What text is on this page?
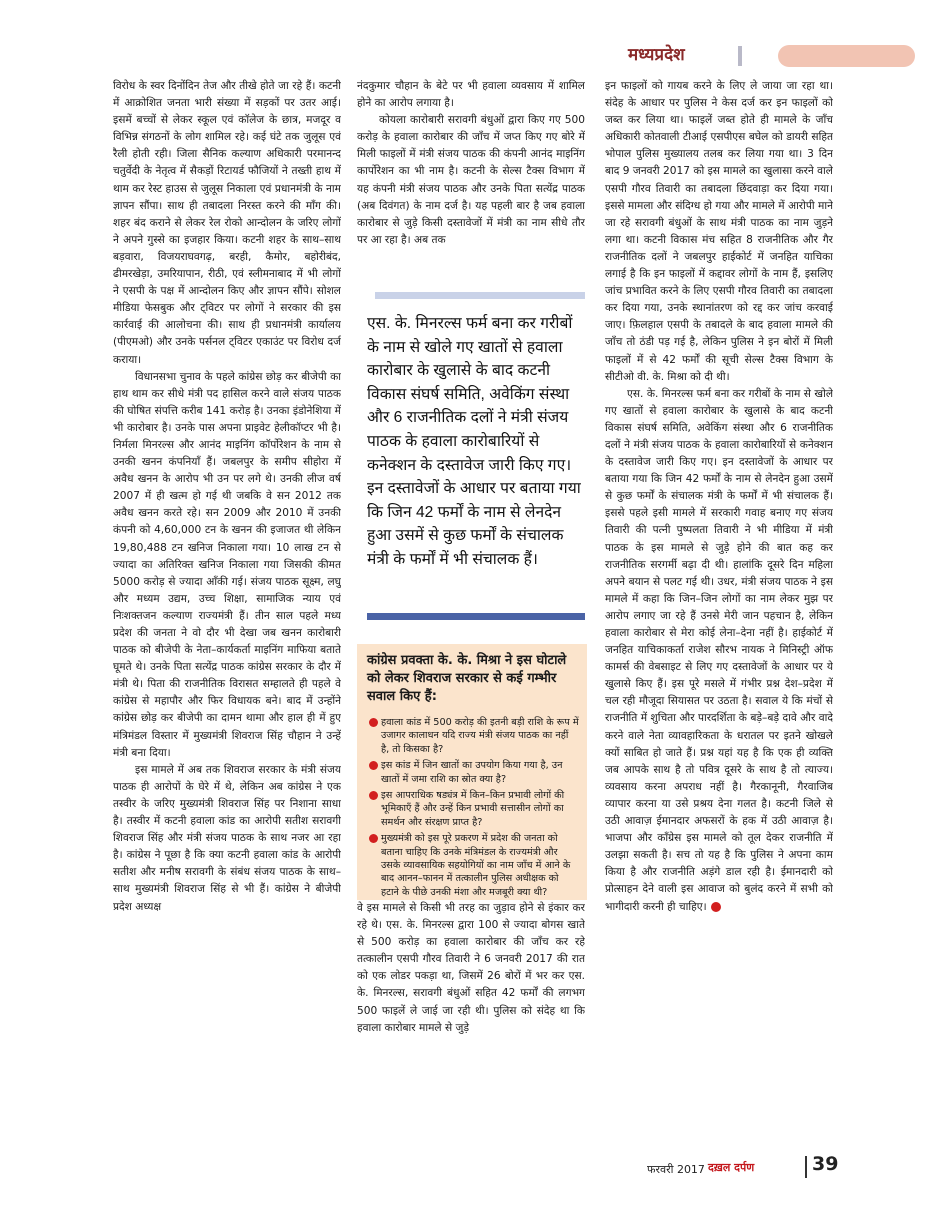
मध्यप्रदेश

विरोध के स्वर दिनोंदिन तेज और तीखे होते जा रहे हैं। कटनी में आक्रोशित जनता भारी संख्या में सड़कों पर उतर आई। इसमें बच्चों से लेकर स्कूल एवं कॉलेज के छात्र, मजदूर व विभिन्न संगठनों के लोग शामिल रहे। कई घंटे तक जुलूस एवं रैली होती रही। जिला सैनिक कल्याण अधिकारी परमानन्द चतुर्वेदी के नेतृत्व में सैकड़ों रिटायर्ड फौजियों ने तख्ती हाथ में थाम कर रेस्ट हाउस से जुलूस निकाला एवं प्रधानमंत्री के नाम ज्ञापन सौंपा। साथ ही तबादला निरस्त करने की माँग की। शहर बंद कराने से लेकर रेल रोको आन्दोलन के जरिए लोगों ने अपने गुस्से का इजहार किया। कटनी शहर के साथ–साथ बड़वारा, विजयराघवगढ़, बरही, कैमोर, बहोरीबंद, ढीमरखेड़ा, उमरियापान, रीठी, एवं स्लीमनाबाद में भी लोगों ने एसपी के पक्ष में आन्दोलन किए और ज्ञापन सौंपे। सोशल मीडिया फेसबुक और ट्विटर पर लोगों ने सरकार की इस कार्रवाई की आलोचना की। साथ ही प्रधानमंत्री कार्यालय (पीएमओ) और उनके पर्सनल ट्विटर एकाउंट पर विरोध दर्ज कराया।

विधानसभा चुनाव के पहले कांग्रेस छोड़ कर बीजेपी का हाथ थाम कर सीधे मंत्री पद हासिल करने वाले संजय पाठक की घोषित संपत्ति करीब 141 करोड़ है। उनका इंडोनेशिया में भी कारोबार है। उनके पास अपना प्राइवेट हेलीकॉप्टर भी है। निर्मला मिनरल्स और आनंद माइनिंग कॉर्पोरेशन के नाम से उनकी खनन कंपनियाँ हैं। जबलपुर के समीप सीहोरा में अवैध खनन के आरोप भी उन पर लगे थे। उनकी लीज वर्ष 2007 में ही खत्म हो गई थी जबकि वे सन 2012 तक अवैध खनन करते रहे। सन 2009 और 2010 में उनकी कंपनी को 4,60,000 टन के खनन की इजाजत थी लेकिन 19,80,488 टन खनिज निकाला गया। 10 लाख टन से ज्यादा का अतिरिक्त खनिज निकाला गया जिसकी कीमत 5000 करोड़ से ज्यादा आँकी गई। संजय पाठक सूक्ष्म, लघु और मध्यम उद्यम, उच्च शिक्षा, सामाजिक न्याय एवं निःशक्तजन कल्याण राज्यमंत्री हैं। तीन साल पहले मध्य प्रदेश की जनता ने वो दौर भी देखा जब खनन कारोबारी पाठक को बीजेपी के नेता–कार्यकर्ता माइनिंग माफिया बताते घूमते थे। उनके पिता सत्येंद्र पाठक कांग्रेस सरकार के दौर में मंत्री थे। पिता की राजनीतिक विरासत सम्हालते ही पहले वे कांग्रेस से महापौर और फिर विधायक बने। बाद में उन्होंने कांग्रेस छोड़ कर बीजेपी का दामन थामा और हाल ही में हुए मंत्रिमंडल विस्तार में मुख्यमंत्री शिवराज सिंह चौहान ने उन्हें मंत्री बना दिया।

इस मामले में अब तक शिवराज सरकार के मंत्री संजय पाठक ही आरोपों के घेरे में थे, लेकिन अब कांग्रेस ने एक तस्वीर के जरिए मुख्यमंत्री शिवराज सिंह पर निशाना साधा है। तस्वीर में कटनी हवाला कांड का आरोपी सतीश सरावगी शिवराज सिंह और मंत्री संजय पाठक के साथ नजर आ रहा है। कांग्रेस ने पूछा है कि क्या कटनी हवाला कांड के आरोपी सतीश और मनीष सरावगी के संबंध संजय पाठक के साथ–साथ मुख्यमंत्री शिवराज सिंह से भी हैं। कांग्रेस ने बीजेपी प्रदेश अध्यक्ष

नंदकुमार चौहान के बेटे पर भी हवाला व्यवसाय में शामिल होने का आरोप लगाया है।

कोयला कारोबारी सरावगी बंधुओं द्वारा किए गए 500 करोड़ के हवाला कारोबार की जाँच में जप्त किए गए बोरे में मिली फाइलों में मंत्री संजय पाठक की कंपनी आनंद माइनिंग कार्पोरेशन का भी नाम है। कटनी के सेल्स टैक्स विभाग में यह कंपनी मंत्री संजय पाठक और उनके पिता सत्येंद्र पाठक (अब दिवंगत) के नाम दर्ज है। यह पहली बार है जब हवाला कारोबार से जुड़े किसी दस्तावेजों में मंत्री का नाम सीधे तौर पर आ रहा है। अब तक

एस. के. मिनरल्स फर्म बना कर गरीबों के नाम से खोले गए खातों से हवाला कारोबार के खुलासे के बाद कटनी विकास संघर्ष समिति, अवेकिंग संस्था और 6 राजनीतिक दलों ने मंत्री संजय पाठक के हवाला कारोबारियों से कनेक्शन के दस्तावेज जारी किए गए। इन दस्तावेजों के आधार पर बताया गया कि जिन 42 फर्मों के नाम से लेनदेन हुआ उसमें से कुछ फर्मों के संचालक मंत्री के फर्मों में भी संचालक हैं।
कांग्रेस प्रवक्ता के. के. मिश्रा ने इस घोटाले को लेकर शिवराज सरकार से कई गम्भीर सवाल किए हैं:
हवाला कांड में 500 करोड़ की इतनी बड़ी राशि के रूप में उजागर कालाधन यदि राज्य मंत्री संजय पाठक का नहीं है, तो किसका है?
इस कांड में जिन खातों का उपयोग किया गया है, उन खातों में जमा राशि का स्रोत क्या है?
इस आपराधिक षड्यंत्र में किन–किन प्रभावी लोगों की भूमिकाएँ हैं और उन्हें किन प्रभावी सत्तासीन लोगों का समर्थन और संरक्षण प्राप्त है?
मुख्यमंत्री को इस पूरे प्रकरण में प्रदेश की जनता को बताना चाहिए कि उनके मंत्रिमंडल के राज्यमंत्री और उसके व्यावसायिक सहयोगियों का नाम जाँच में आने के बाद आनन–फानन में तत्कालीन पुलिस अधीक्षक को हटाने के पीछे उनकी मंशा और मजबूरी क्या थी?

वे इस मामले से किसी भी तरह का जुड़ाव होने से इंकार कर रहे थे। एस. के. मिनरल्स द्वारा 100 से ज्यादा बोगस खाते से 500 करोड़ का हवाला कारोबार की जाँच कर रहे तत्कालीन एसपी गौरव तिवारी ने 6 जनवरी 2017 की रात को एक लोडर पकड़ा था, जिसमें 26 बोरों में भर कर एस. के. मिनरल्स, सरावगी बंधुओं सहित 42 फर्मों की लगभग 500 फाइलें ले जाई जा रही थी। पुलिस को संदेह था कि हवाला कारोबार मामले से जुड़े

इन फाइलों को गायब करने के लिए ले जाया जा रहा था। संदेह के आधार पर पुलिस ने केस दर्ज कर इन फाइलों को जब्त कर लिया था। फाइलें जब्त होते ही मामले के जाँच अधिकारी कोतवाली टीआई एसपीएस बघेल को डायरी सहित भोपाल पुलिस मुख्यालय तलब कर लिया गया था। 3 दिन बाद 9 जनवरी 2017 को इस मामले का खुलासा करने वाले एसपी गौरव तिवारी का तबादला छिंदवाड़ा कर दिया गया। इससे मामला और संदिग्ध हो गया और मामले में आरोपी माने जा रहे सरावगी बंधुओं के साथ मंत्री पाठक का नाम जुड़ने लगा था। कटनी विकास मंच सहित 8 राजनीतिक और गैर राजनीतिक दलों ने जबलपुर हाईकोर्ट में जनहित याचिका लगाई है कि इन फाइलों में कद्दावर लोगों के नाम हैं, इसलिए जांच प्रभावित करने के लिए एसपी गौरव तिवारी का तबादला कर दिया गया, उनके स्थानांतरण को रद्द कर जांच करवाई जाए। फ़िलहाल एसपी के तबादले के बाद हवाला मामले की जाँच तो ठंडी पड़ गई है, लेकिन पुलिस ने इन बोरों में मिली फाइलों में से 42 फर्मों की सूची सेल्स टैक्स विभाग के सीटीओ वी. के. मिश्रा को दी थी।

एस. के. मिनरल्स फर्म बना कर गरीबों के नाम से खोले गए खातों से हवाला कारोबार के खुलासे के बाद कटनी विकास संघर्ष समिति, अवेकिंग संस्था और 6 राजनीतिक दलों ने मंत्री संजय पाठक के हवाला कारोबारियों से कनेक्शन के दस्तावेज जारी किए गए। इन दस्तावेजों के आधार पर बताया गया कि जिन 42 फर्मों के नाम से लेनदेन हुआ उसमें से कुछ फर्मों के संचालक मंत्री के फर्मों में भी संचालक हैं। इससे पहले इसी मामले में सरकारी गवाह बनाए गए संजय तिवारी की पत्नी पुष्पलता तिवारी ने भी मीडिया में मंत्री पाठक के इस मामले से जुड़े होने की बात कह कर राजनीतिक सरगर्मी बढ़ा दी थी। हालांकि दूसरे दिन महिला अपने बयान से पलट गई थी। उधर, मंत्री संजय पाठक ने इस मामले में कहा कि जिन–जिन लोगों का नाम लेकर मुझ पर आरोप लगाए जा रहे हैं उनसे मेरी जान पहचान है, लेकिन हवाला कारोबार से मेरा कोई लेना–देना नहीं है। हाईकोर्ट में जनहित याचिकाकर्ता राजेश सौरभ नायक ने मिनिस्ट्री ऑफ कामर्स की वेबसाइट से लिए गए दस्तावेजों के आधार पर ये खुलासे किए हैं। इस पूरे मसले में गंभीर प्रश्न देश–प्रदेश में चल रही मौजूदा सियासत पर उठता है। सवाल ये कि मंचों से राजनीति में शुचिता और पारदर्शिता के बड़े–बड़े दावे और वादे करने वाले नेता व्यावहारिकता के धरातल पर इतने खोखले क्यों साबित हो जाते हैं। प्रश्न यहां यह है कि एक ही व्यक्ति जब आपके साथ है तो पवित्र दूसरे के साथ है तो त्याज्य। व्यवसाय करना अपराध नहीं है। गैरकानूनी, गैरवाजिब व्यापार करना या उसे प्रश्रय देना गलत है। कटनी जिले से उठी आवाज़ ईमानदार अफसरों के हक में उठी आवाज़ है। भाजपा और कॉंग्रेस इस मामले को तूल देकर राजनीति में उलझा सकती है। सच तो यह है कि पुलिस ने अपना काम किया है और राजनीति अड़ंगे डाल रही है। ईमानदारी को प्रोत्साहन देने वाली इस आवाज को बुलंद करने में सभी को भागीदारी करनी ही चाहिए।

फरवरी 2017 दख़ल दर्पण	39
